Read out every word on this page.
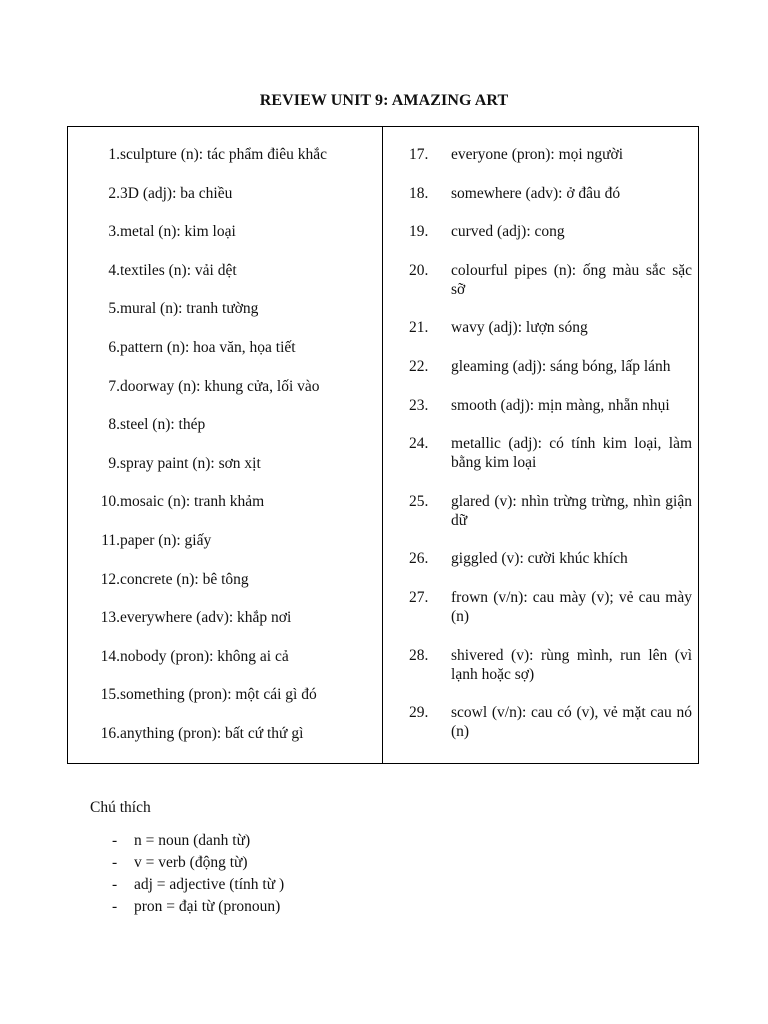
REVIEW UNIT 9: AMAZING ART
1. sculpture (n): tác phẩm điêu khắc
2. 3D (adj): ba chiều
3. metal (n): kim loại
4. textiles (n): vải dệt
5. mural (n): tranh tường
6. pattern (n): hoa văn, họa tiết
7. doorway (n): khung cửa, lối vào
8. steel (n): thép
9. spray paint (n): sơn xịt
10. mosaic (n): tranh khảm
11. paper (n): giấy
12. concrete (n): bê tông
13. everywhere (adv): khắp nơi
14. nobody (pron): không ai cả
15. something (pron): một cái gì đó
16. anything (pron): bất cứ thứ gì
17.	everyone (pron): mọi người
18.	somewhere (adv): ở đâu đó
19.	curved (adj): cong
20.	colourful pipes (n): ống màu sắc sặc sỡ
21.	wavy (adj): lượn sóng
22.	gleaming (adj): sáng bóng, lấp lánh
23.	smooth (adj): mịn màng, nhẵn nhụi
24.	metallic (adj): có tính kim loại, làm bằng kim loại
25.	glared (v): nhìn trừng trừng, nhìn giận dữ
26.	giggled (v): cười khúc khích
27.	frown (v/n): cau mày (v); vẻ cau mày (n)
28.	shivered (v): rùng mình, run lên (vì lạnh hoặc sợ)
29.	scowl (v/n): cau có (v), vẻ mặt cau nó (n)
Chú thích
-	n = noun (danh từ)
-	v = verb (động từ)
-	adj = adjective (tính từ )
-	pron = đại từ (pronoun)
